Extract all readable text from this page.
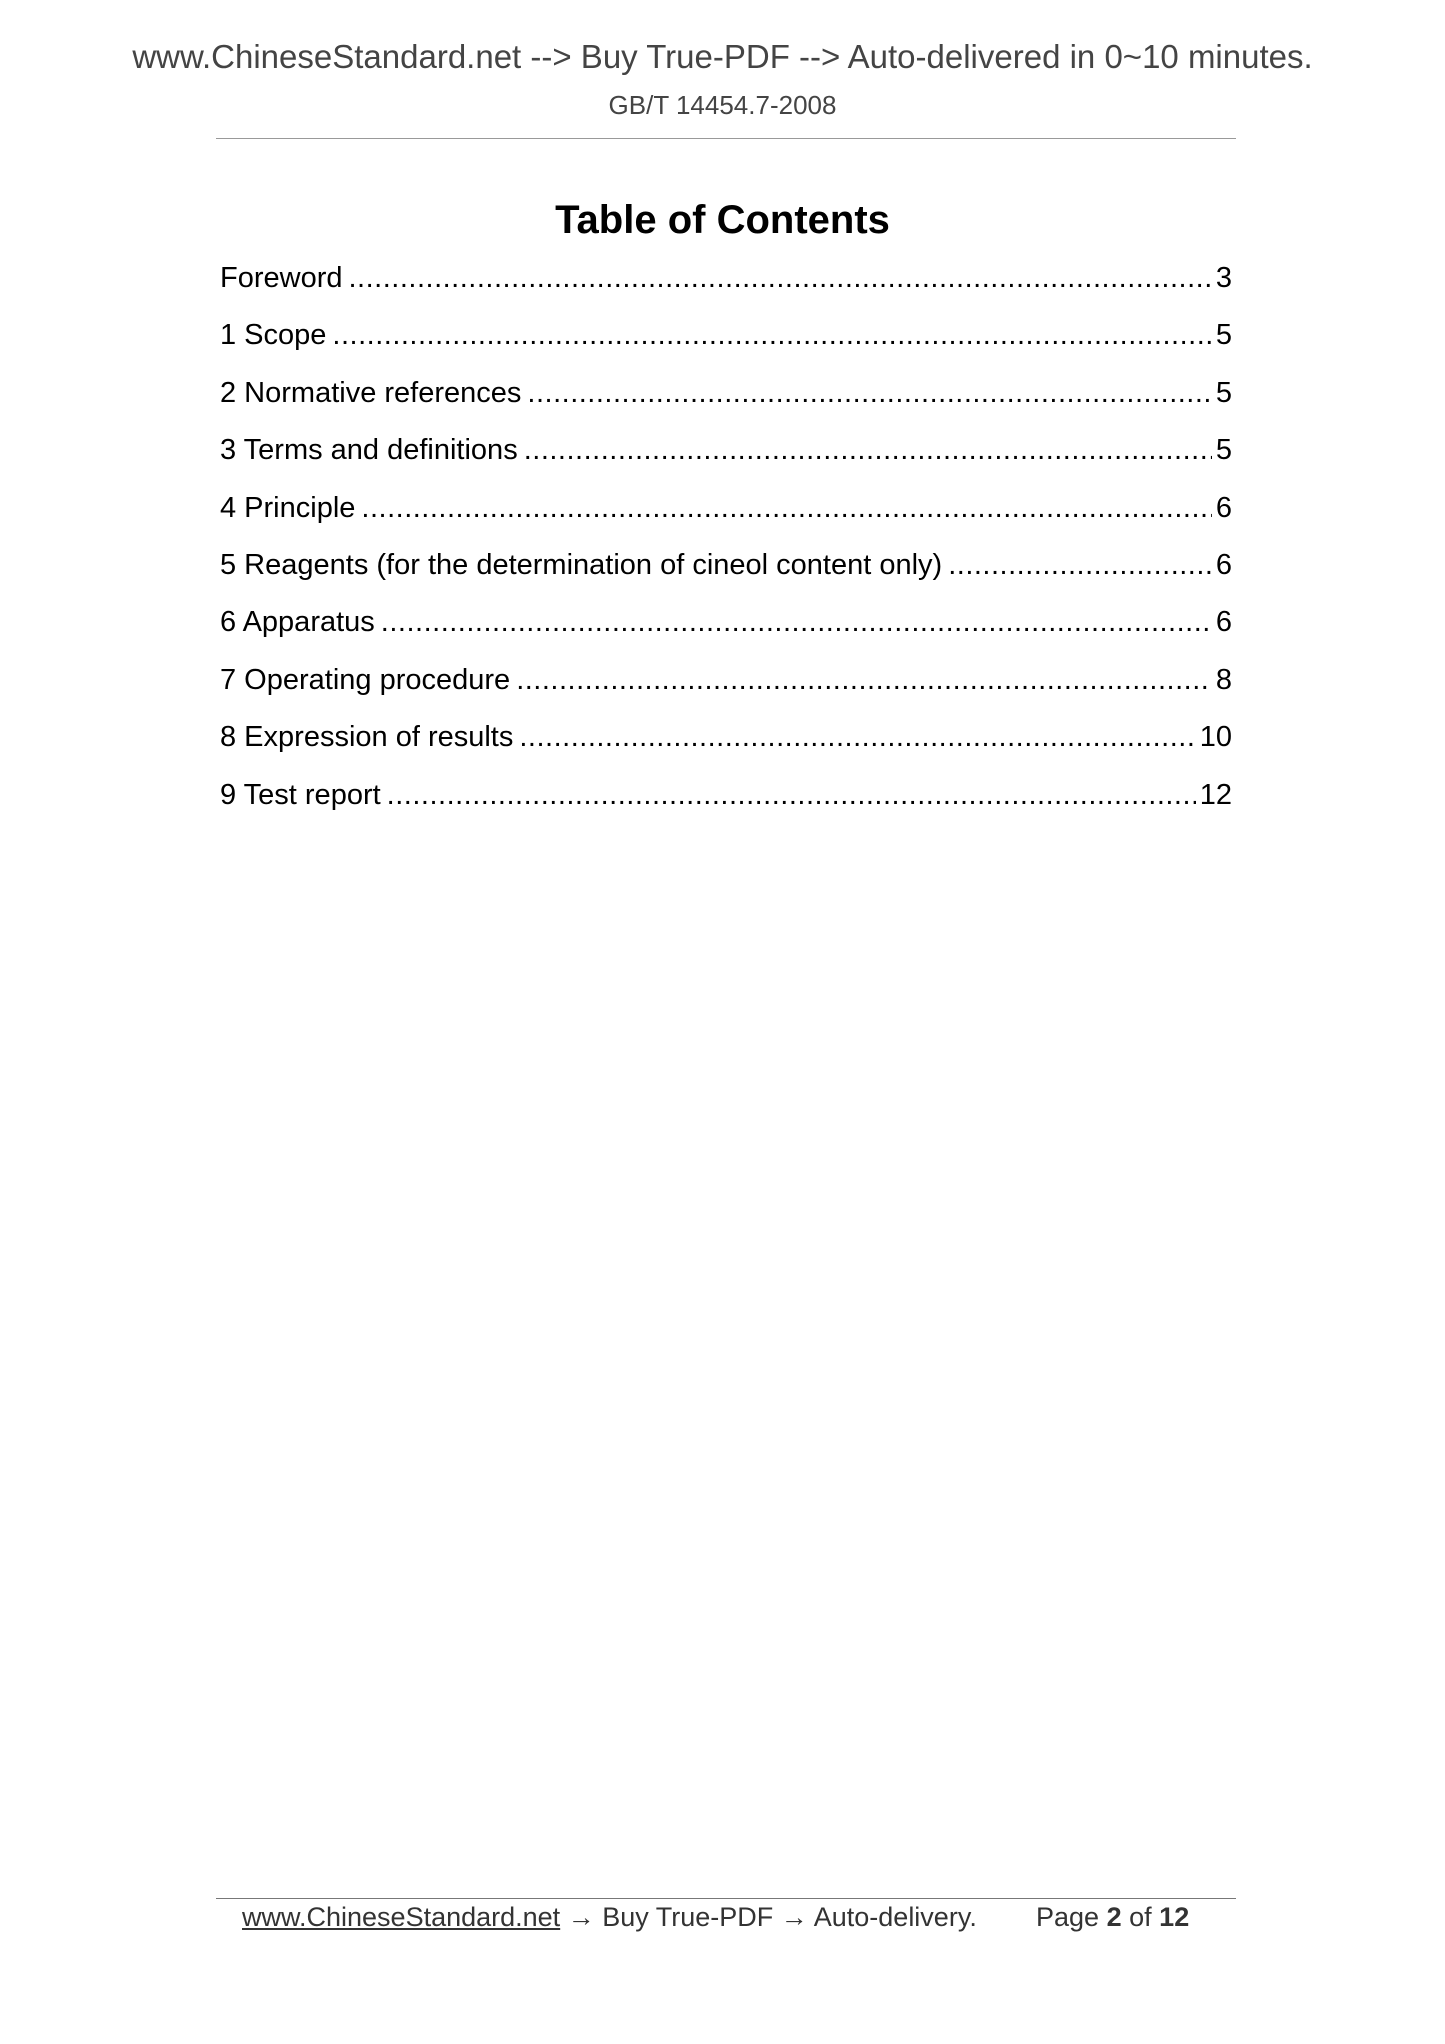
www.ChineseStandard.net --> Buy True-PDF --> Auto-delivered in 0~10 minutes.
GB/T 14454.7-2008
Table of Contents
Foreword .....	3
1 Scope .....	5
2 Normative references .....	5
3 Terms and definitions .....	5
4 Principle .....	6
5 Reagents (for the determination of cineol content only) .....	6
6 Apparatus .....	6
7 Operating procedure .....	8
8 Expression of results .....	10
9 Test report .....	12
www.ChineseStandard.net → Buy True-PDF → Auto-delivery. Page 2 of 12
